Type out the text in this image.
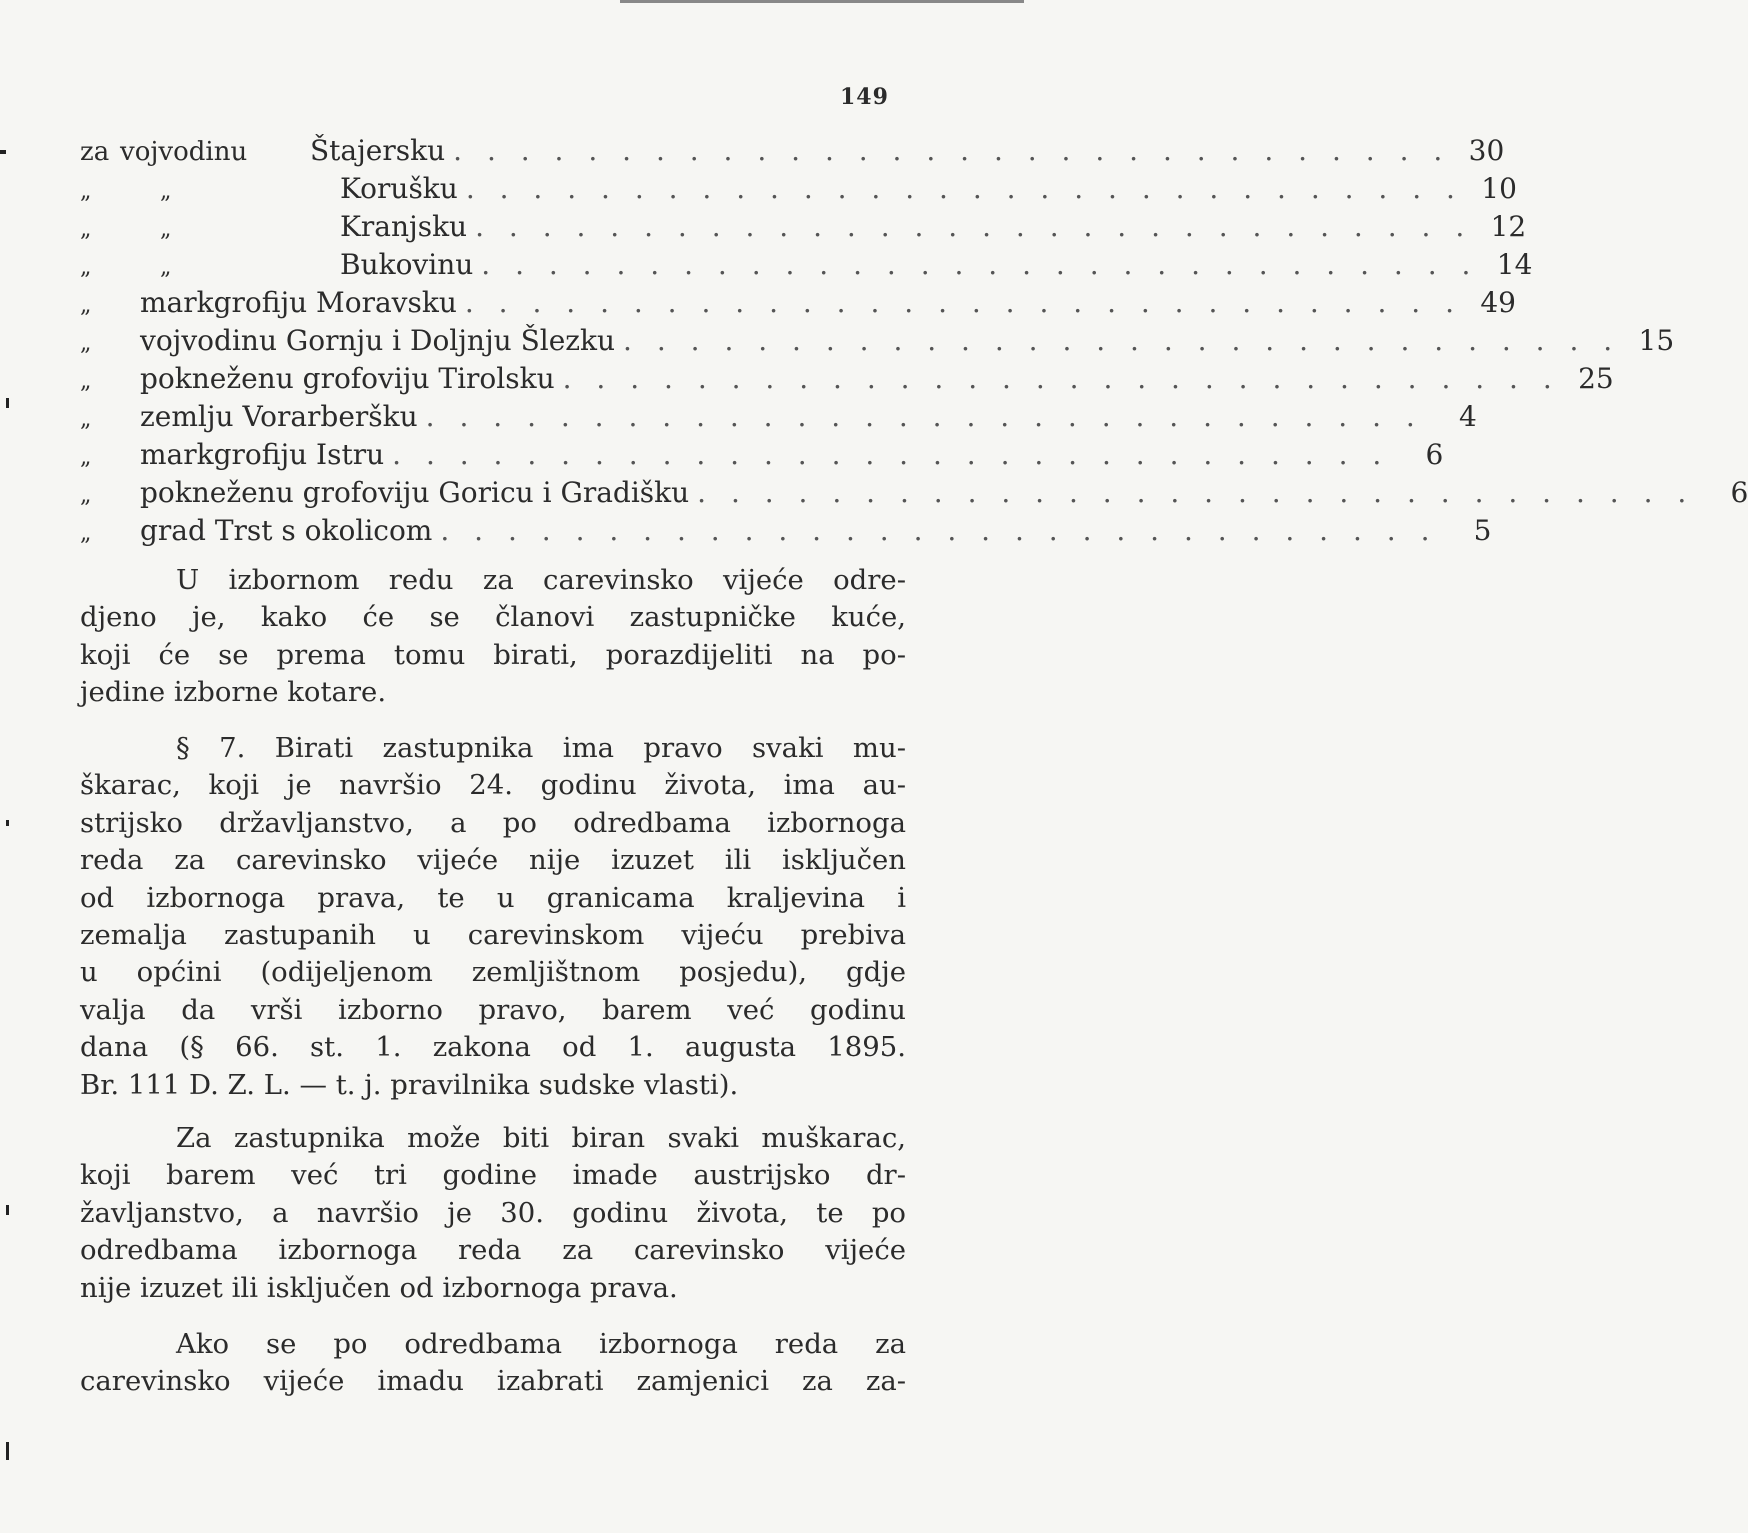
149
za vojvodinu	Štajersku . . . . . . . . . . . . . . . . . . . . . . . . . . . . . . 30
„	„	Korušku . . . . . . . . . . . . . . . . . . . . . . . . . . . . . . 10
„	„	Kranjsku . . . . . . . . . . . . . . . . . . . . . . . . . . . . . . 12
„	„	Bukovinu . . . . . . . . . . . . . . . . . . . . . . . . . . . . . . 14
„	markgrofiju Moravsku . . . . . . . . . . . . . . . . . . . . . . . . . . . . . . 49
„	vojvodinu Gornju i Doljnju Šlezku . . . . . . . . . . . . . . . . . . . . . . . . . . . . . . 15
„	pokneženu grofoviju Tirolsku . . . . . . . . . . . . . . . . . . . . . . . . . . . . . . 25
„	zemlju Vorarberšku . . . . . . . . . . . . . . . . . . . . . . . . . . . . . .	4
„	markgrofiju Istru . . . . . . . . . . . . . . . . . . . . . . . . . . . . . .	6
„	pokneženu grofoviju Goricu i Gradišku . . . . . . . . . . . . . . . . . . . . . . . . . . . . . .	6
„	grad Trst s okolicom . . . . . . . . . . . . . . . . . . . . . . . . . . . . . .	5
U izbornom redu za carevinsko vijeće odre-
djeno je, kako će se članovi zastupničke kuće,
koji će se prema tomu birati, porazdijeliti na po-
jedine izborne kotare.
§ 7. Birati zastupnika ima pravo svaki mu-
škarac, koji je navršio 24. godinu života, ima au-
strijsko državljanstvo, a po odredbama izbornoga
reda za carevinsko vijeće nije izuzet ili isključen
od izbornoga prava, te u granicama kraljevina i
zemalja zastupanih u carevinskom vijeću prebiva
u općini (odijeljenom zemljištnom posjedu), gdje
valja da vrši izborno pravo, barem već godinu
dana (§ 66. st. 1. zakona od 1. augusta 1895.
Br. 111 D. Z. L. — t. j. pravilnika sudske vlasti).
Za zastupnika može biti biran svaki muškarac,
koji barem već tri godine imade austrijsko dr-
žavljanstvo, a navršio je 30. godinu života, te po
odredbama izbornoga reda za carevinsko vijeće
nije izuzet ili isključen od izbornoga prava.
Ako se po odredbama izbornoga reda za
carevinsko vijeće imadu izabrati zamjenici za za-
